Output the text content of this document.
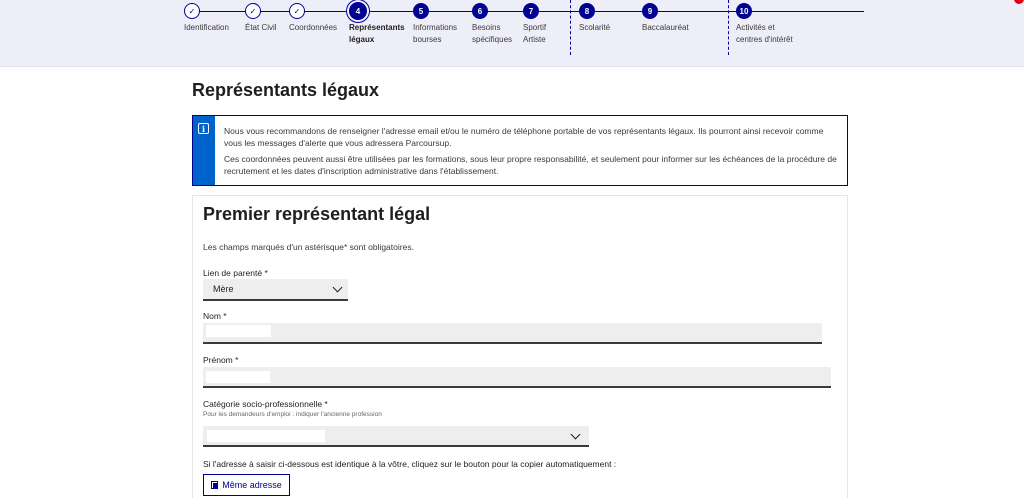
✓
Identification
✓
État Civil
✓
Coordonnées
4
Représentants
légaux
5
Informations
bourses
6
Besoins
spécifiques
7
Sportif
Artiste
8
Scolarité
9
Baccalauréat
10
Activités et
centres d'intérêt
Représentants légaux
i	Nous vous recommandons de renseigner l'adresse email et/ou le numéro de téléphone portable de vos représentants légaux. Ils pourront ainsi recevoir comme vous les messages d'alerte que vous adressera Parcoursup.

Ces coordonnées peuvent aussi être utilisées par les formations, sous leur propre responsabilité, et seulement pour informer sur les échéances de la procédure de recrutement et les dates d'inscription administrative dans l'établissement.

Premier représentant légal
Les champs marqués d'un astérisque* sont obligatoires.
Lien de parenté *
Mère
Nom *
Prénom *
Catégorie socio-professionnelle *
Pour les demandeurs d'emploi : indiquer l'ancienne profession
Si l'adresse à saisir ci-dessous est identique à la vôtre, cliquez sur le bouton pour la copier automatiquement :
Même adresse
